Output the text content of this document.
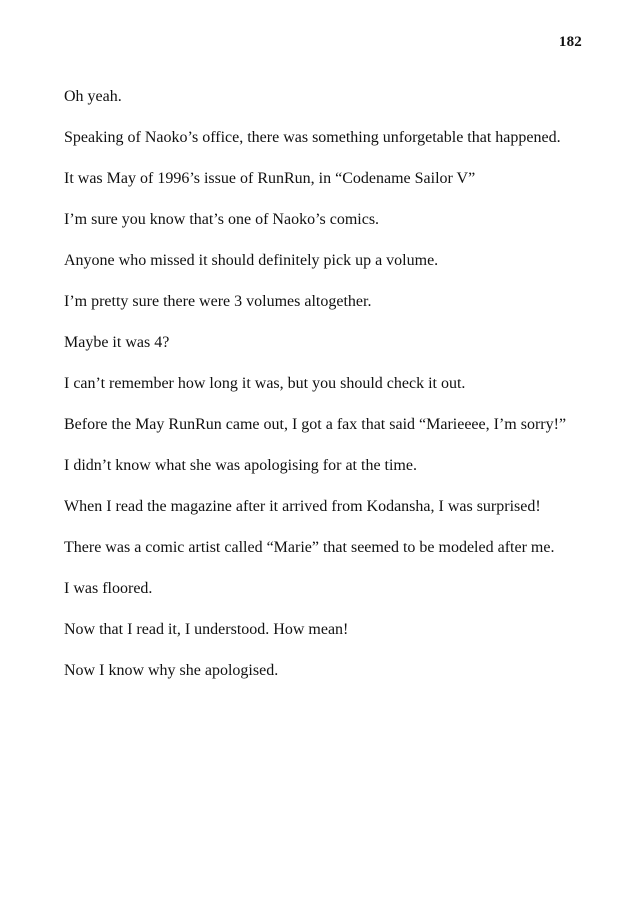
182

Oh yeah.

Speaking of Naoko’s office, there was something unforgetable that happened.

It was May of 1996’s issue of RunRun, in “Codename Sailor V”

I’m sure you know that’s one of Naoko’s comics.

Anyone who missed it should definitely pick up a volume.

I’m pretty sure there were 3 volumes altogether.

Maybe it was 4?

I can’t remember how long it was, but you should check it out.

Before the May RunRun came out, I got a fax that said “Marieeee, I’m sorry!”

I didn’t know what she was apologising for at the time.

When I read the magazine after it arrived from Kodansha, I was surprised!

There was a comic artist called “Marie” that seemed to be modeled after me.

I was floored.

Now that I read it, I understood. How mean!

Now I know why she apologised.
